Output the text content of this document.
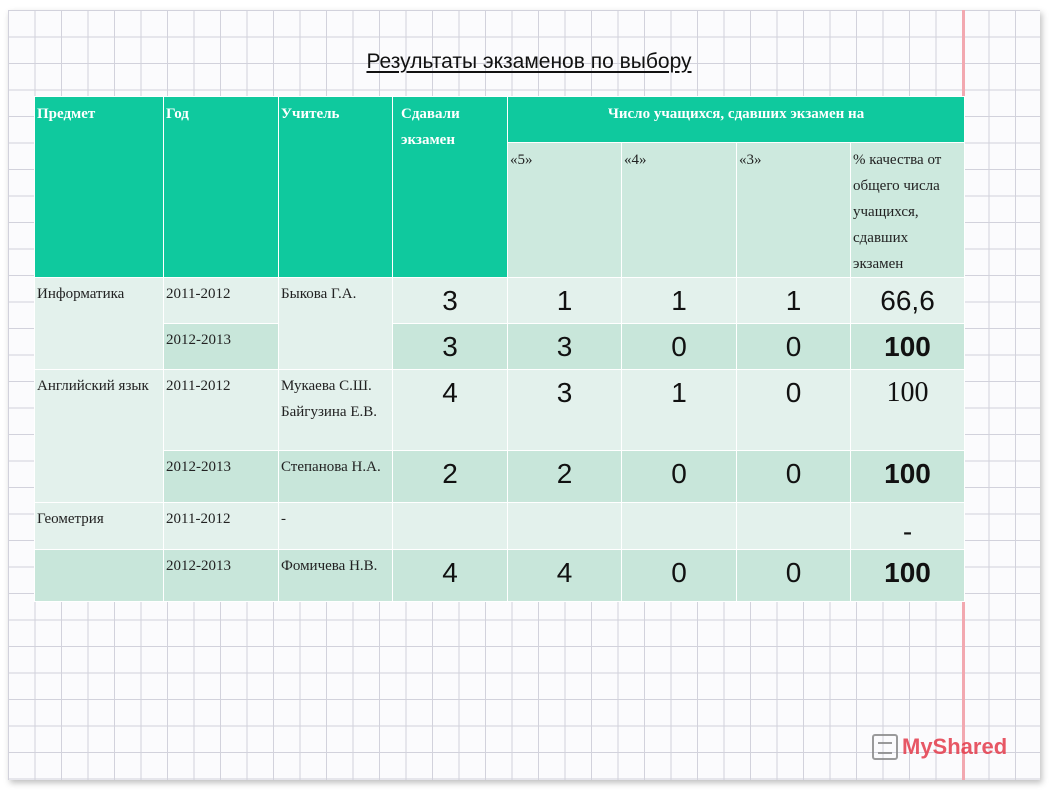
Результаты экзаменов по выбору
Предмет	Год	Учитель	Сдавали экзамен	Число учащихся, сдавших экзамен на			
				«5»	«4»	«3»	% качества от общего числа учащихся, сдавших экзамен
Информатика	2011-2012	Быкова Г.А.	3	1	1	1	66,6
	2012-2013		3	3	0	0	100
Английский язык	2011-2012	Мукаева С.Ш. Байгузина Е.В.	4	3	1	0	100
	2012-2013	Степанова Н.А.	2	2	0	0	100
Геометрия	2011-2012	-					-
	2012-2013	Фомичева Н.В.	4	4	0	0	100
MyShared
